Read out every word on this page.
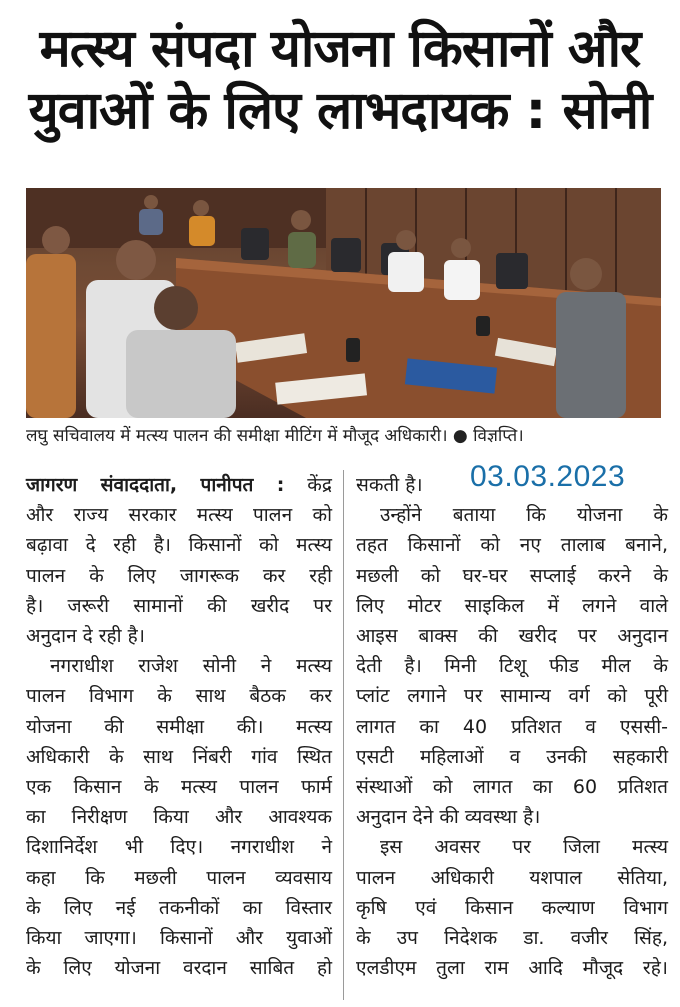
मत्स्य संपदा योजना किसानों और
युवाओं के लिए लाभदायक : सोनी
लघु सचिवालय में मत्स्य पालन की समीक्षा मीटिंग में मौजूद अधिकारी। ● विज्ञप्ति।
03.03.2023
जागरण संवाददाता, पानीपत : केंद्र
और राज्य सरकार मत्स्य पालन को
बढ़ावा दे रही है। किसानों को मत्स्य
पालन के लिए जागरूक कर रही
है। जरूरी सामानों की खरीद पर
अनुदान दे रही है।
नगराधीश राजेश सोनी ने मत्स्य
पालन विभाग के साथ बैठक कर
योजना की समीक्षा की। मत्स्य
अधिकारी के साथ निंबरी गांव स्थित
एक किसान के मत्स्य पालन फार्म
का निरीक्षण किया और आवश्यक
दिशानिर्देश भी दिए। नगराधीश ने
कहा कि मछली पालन व्यवसाय
के लिए नई तकनीकों का विस्तार
किया जाएगा। किसानों और युवाओं
के लिए योजना वरदान साबित हो
सकती है।
उन्होंने बताया कि योजना के
तहत किसानों को नए तालाब बनाने,
मछली को घर-घर सप्लाई करने के
लिए मोटर साइकिल में लगने वाले
आइस बाक्स की खरीद पर अनुदान
देती है। मिनी टिशू फीड मील के
प्लांट लगाने पर सामान्य वर्ग को पूरी
लागत का 40 प्रतिशत व एससी-
एसटी महिलाओं व उनकी सहकारी
संस्थाओं को लागत का 60 प्रतिशत
अनुदान देने की व्यवस्था है।
इस अवसर पर जिला मत्स्य
पालन अधिकारी यशपाल सेतिया,
कृषि एवं किसान कल्याण विभाग
के उप निदेशक डा. वजीर सिंह,
एलडीएम तुला राम आदि मौजूद रहे।
